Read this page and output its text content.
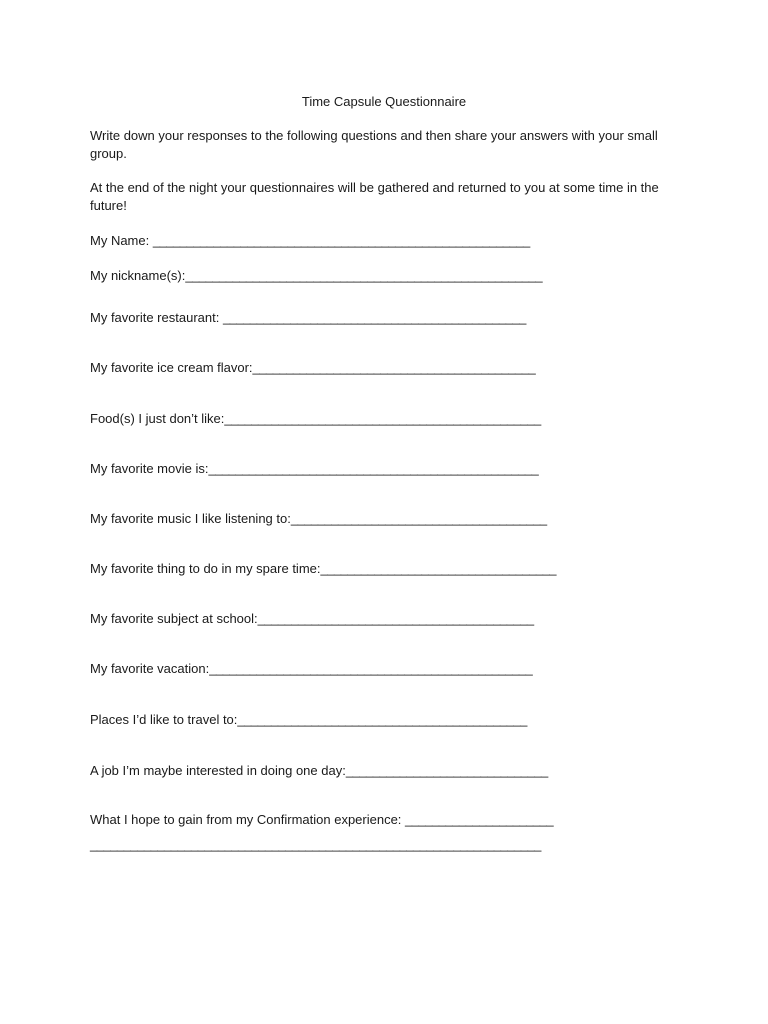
Time Capsule Questionnaire
Write down your responses to the following questions and then share your answers with your small group.
At the end of the night your questionnaires will be gathered and returned to you at some time in the future!
My Name: ________________________________________________________
My nickname(s):_____________________________________________________
My favorite restaurant: _____________________________________________
My favorite ice cream flavor:__________________________________________
Food(s) I just don’t like:_______________________________________________
My favorite movie is:_________________________________________________
My favorite music I like listening to:______________________________________
My favorite thing to do in my spare time:___________________________________
My favorite subject at school:_________________________________________
My favorite vacation:________________________________________________
Places I’d like to travel to:___________________________________________
A job I’m maybe interested in doing one day:______________________________
What I hope to gain from my Confirmation experience: ______________________
___________________________________________________________________
